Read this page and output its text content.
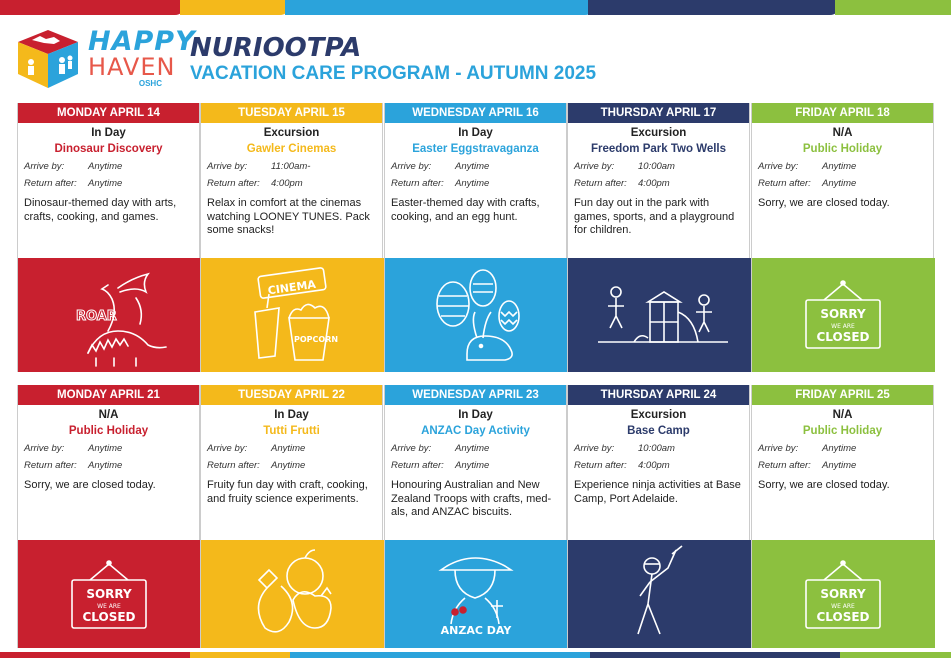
HAPPY
HAVEN
OSHC
NURIOOTPA
VACATION CARE PROGRAM - AUTUMN 2025
MONDAY APRIL 14
In Day
Dinosaur Discovery
Arrive by:	Anytime
Return after:	Anytime
Dinosaur-themed day with arts, crafts, cooking, and games.
ROAR
TUESDAY APRIL 15
Excursion
Gawler Cinemas
Arrive by:	11:00am-
Return after:	4:00pm
Relax in comfort at the cinemas watching LOONEY TUNES. Pack some snacks!
CINEMA
POPCORN
WEDNESDAY APRIL 16
In Day
Easter Eggstravaganza
Arrive by:	Anytime
Return after:	Anytime
Easter-themed day with crafts, cooking, and an egg hunt.
THURSDAY APRIL 17
Excursion
Freedom Park Two Wells
Arrive by:	10:00am
Return after:	4:00pm
Fun day out in the park with games, sports, and a playground for children.
FRIDAY APRIL 18
N/A
Public Holiday
Arrive by:	Anytime
Return after:	Anytime
Sorry, we are closed today.
SORRY
WE ARE
CLOSED
MONDAY APRIL 21
N/A
Public Holiday
Arrive by:	Anytime
Return after:	Anytime
Sorry, we are closed today.
SORRY
WE ARE
CLOSED
TUESDAY APRIL 22
In Day
Tutti Frutti
Arrive by:	Anytime
Return after:	Anytime
Fruity fun day with craft, cooking, and fruity science experiments.
WEDNESDAY APRIL 23
In Day
ANZAC Day Activity
Arrive by:	Anytime
Return after:	Anytime
Honouring Australian and New Zealand Troops with crafts, med-als, and ANZAC biscuits.
ANZAC DAY
THURSDAY APRIL 24
Excursion
Base Camp
Arrive by:	10:00am
Return after:	4:00pm
Experience ninja activities at Base Camp, Port Adelaide.
FRIDAY APRIL 25
N/A
Public Holiday
Arrive by:	Anytime
Return after:	Anytime
Sorry, we are closed today.
SORRY
WE ARE
CLOSED
